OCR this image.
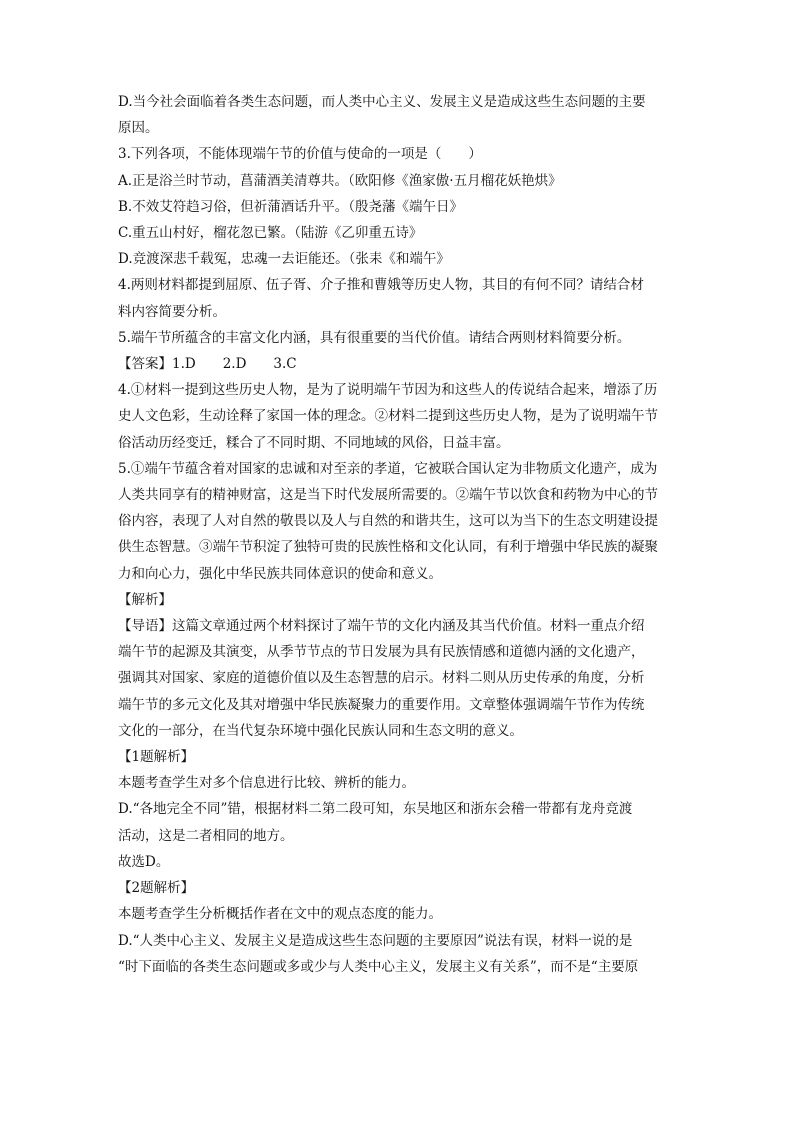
D.当今社会面临着各类生态问题，而人类中心主义、发展主义是造成这些生态问题的主要
原因。
3.下列各项，不能体现端午节的价值与使命的一项是（　　）
A.正是浴兰时节动，菖蒲酒美清尊共。（欧阳修《渔家傲·五月榴花妖艳烘》
B.不效艾符趋习俗，但祈蒲酒话升平。（殷尧藩《端午日》
C.重五山村好，榴花忽已繁。（陆游《乙卯重五诗》
D.竞渡深悲千载冤，忠魂一去讵能还。（张耒《和端午》
4.两则材料都提到屈原、伍子胥、介子推和曹娥等历史人物，其目的有何不同？请结合材
料内容简要分析。
5.端午节所蕴含的丰富文化内涵，具有很重要的当代价值。请结合两则材料简要分析。
【答案】1.D　　2.D　　3.C
4.①材料一提到这些历史人物，是为了说明端午节因为和这些人的传说结合起来，增添了历
史人文色彩，生动诠释了家国一体的理念。②材料二提到这些历史人物，是为了说明端午节
俗活动历经变迁，糅合了不同时期、不同地域的风俗，日益丰富。
5.①端午节蕴含着对国家的忠诚和对至亲的孝道，它被联合国认定为非物质文化遗产，成为
人类共同享有的精神财富，这是当下时代发展所需要的。②端午节以饮食和药物为中心的节
俗内容，表现了人对自然的敬畏以及人与自然的和谐共生，这可以为当下的生态文明建设提
供生态智慧。③端午节积淀了独特可贵的民族性格和文化认同，有利于增强中华民族的凝聚
力和向心力，强化中华民族共同体意识的使命和意义。
【解析】
【导语】这篇文章通过两个材料探讨了端午节的文化内涵及其当代价值。材料一重点介绍
端午节的起源及其演变，从季节节点的节日发展为具有民族情感和道德内涵的文化遗产，
强调其对国家、家庭的道德价值以及生态智慧的启示。材料二则从历史传承的角度，分析
端午节的多元文化及其对增强中华民族凝聚力的重要作用。文章整体强调端午节作为传统
文化的一部分，在当代复杂环境中强化民族认同和生态文明的意义。
【1题解析】
本题考查学生对多个信息进行比较、辨析的能力。
D.“各地完全不同”错，根据材料二第二段可知，东吴地区和浙东会稽一带都有龙舟竞渡
活动，这是二者相同的地方。
故选D。
【2题解析】
本题考查学生分析概括作者在文中的观点态度的能力。
D.“人类中心主义、发展主义是造成这些生态问题的主要原因”说法有误，材料一说的是
“时下面临的各类生态问题或多或少与人类中心主义，发展主义有关系”，而不是“主要原
